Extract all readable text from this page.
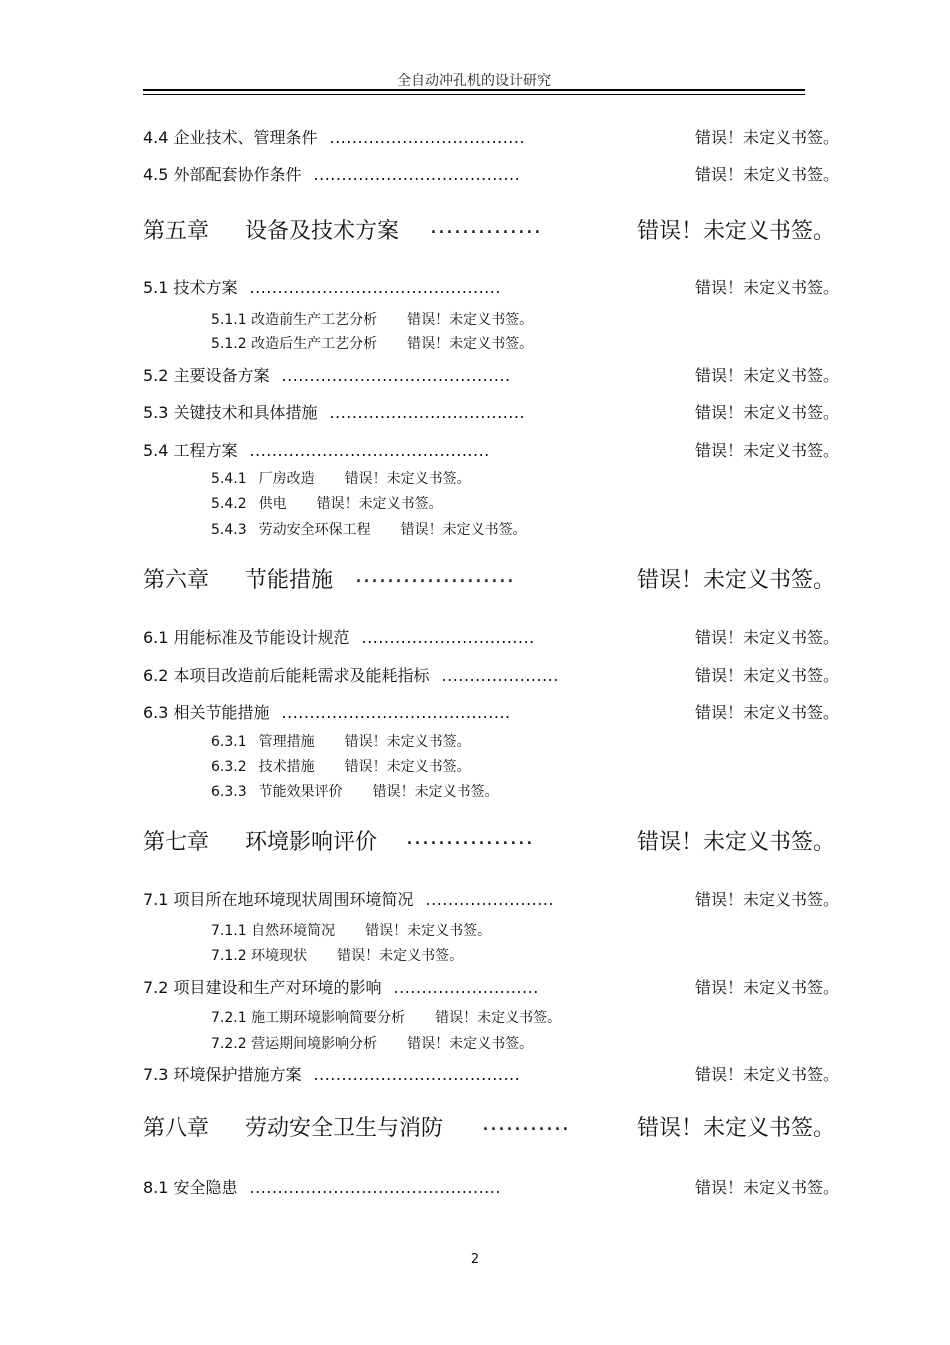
全自动冲孔机的设计研究
4.4 企业技术、管理条件 ...................................	错误！未定义书签。
4.5 外部配套协作条件 .....................................	错误！未定义书签。
第五章 设备及技术方案 ..............	错误！未定义书签。
5.1 技术方案 .............................................	错误！未定义书签。
5.1.1 改造前生产工艺分析 错误！未定义书签。
5.1.2 改造后生产工艺分析 错误！未定义书签。
5.2 主要设备方案 .........................................	错误！未定义书签。
5.3 关键技术和具体措施 ...................................	错误！未定义书签。
5.4 工程方案 ...........................................	错误！未定义书签。
5.4.1 厂房改造 错误！未定义书签。
5.4.2 供电 错误！未定义书签。
5.4.3 劳动安全环保工程 错误！未定义书签。
第六章 节能措施 ....................	错误！未定义书签。
6.1 用能标准及节能设计规范 ...............................	错误！未定义书签。
6.2 本项目改造前后能耗需求及能耗指标 .....................	错误！未定义书签。
6.3 相关节能措施 .........................................	错误！未定义书签。
6.3.1 管理措施 错误！未定义书签。
6.3.2 技术措施 错误！未定义书签。
6.3.3 节能效果评价 错误！未定义书签。
第七章 环境影响评价 ................	错误！未定义书签。
7.1 项目所在地环境现状周围环境简况 .......................	错误！未定义书签。
7.1.1 自然环境简况 错误！未定义书签。
7.1.2 环境现状 错误！未定义书签。
7.2 项目建设和生产对环境的影响 ..........................	错误！未定义书签。
7.2.1 施工期环境影响简要分析 错误！未定义书签。
7.2.2 营运期间境影响分析 错误！未定义书签。
7.3 环境保护措施方案 .....................................	错误！未定义书签。
第八章 劳动安全卫生与消防 ...........	错误！未定义书签。
8.1 安全隐患 .............................................	错误！未定义书签。
2
